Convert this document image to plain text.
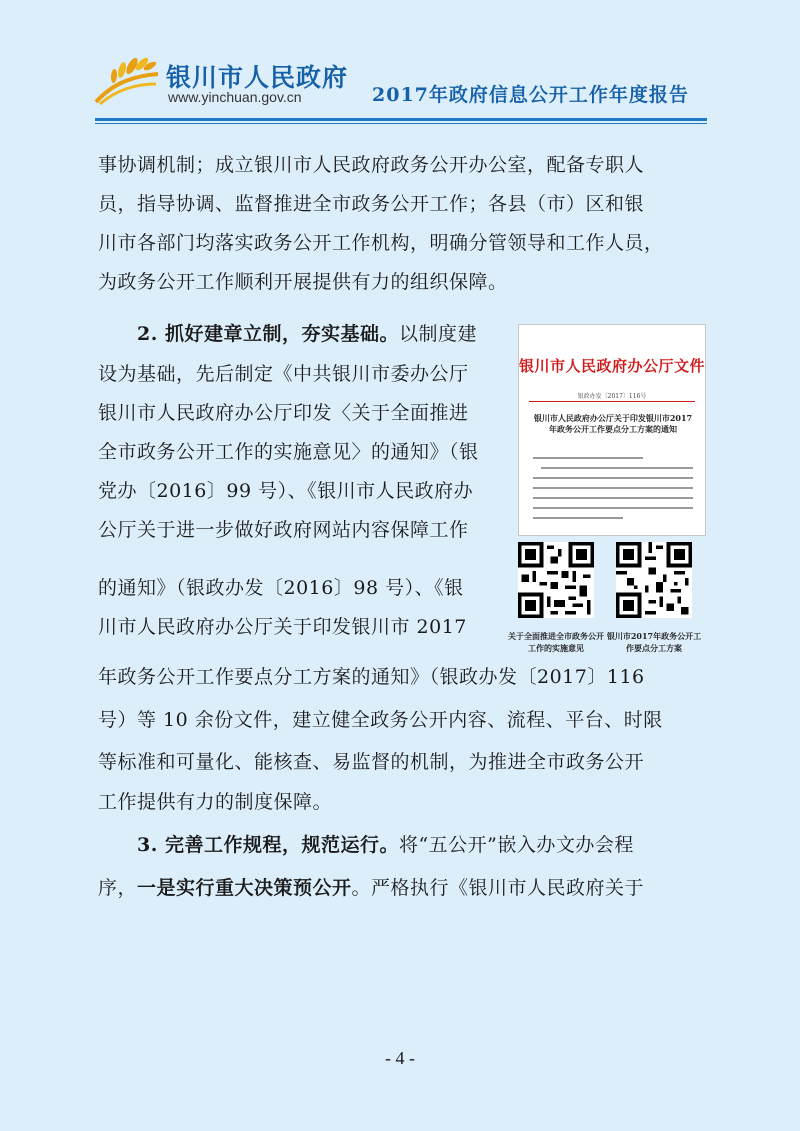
银川市人民政府
www.yinchuan.gov.cn	2017年政府信息公开工作年度报告
事协调机制；成立银川市人民政府政务公开办公室，配备专职人
员，指导协调、监督推进全市政务公开工作；各县（市）区和银
川市各部门均落实政务公开工作机构，明确分管领导和工作人员，
为政务公开工作顺利开展提供有力的组织保障。
2. 抓好建章立制，夯实基础。以制度建
设为基础，先后制定《中共银川市委办公厅
银川市人民政府办公厅印发〈关于全面推进
全市政务公开工作的实施意见〉的通知》（银
党办〔2016〕99 号）、《银川市人民政府办
公厅关于进一步做好政府网站内容保障工作
的通知》（银政办发〔2016〕98 号）、《银
川市人民政府办公厅关于印发银川市 2017
年政务公开工作要点分工方案的通知》（银政办发〔2017〕116
号）等 10 余份文件，建立健全政务公开内容、流程、平台、时限
等标准和可量化、能核查、易监督的机制，为推进全市政务公开
工作提供有力的制度保障。
3. 完善工作规程，规范运行。将“五公开”嵌入办文办会程
序，一是实行重大决策预公开。严格执行《银川市人民政府关于
银川市人民政府办公厅文件
银政办发〔2017〕116号
银川市人民政府办公厅关于印发银川市2017年政务公开工作要点分工方案的通知
关于全面推进全市政务公开工作的实施意见
银川市2017年政务公开工作要点分工方案
- 4 -
